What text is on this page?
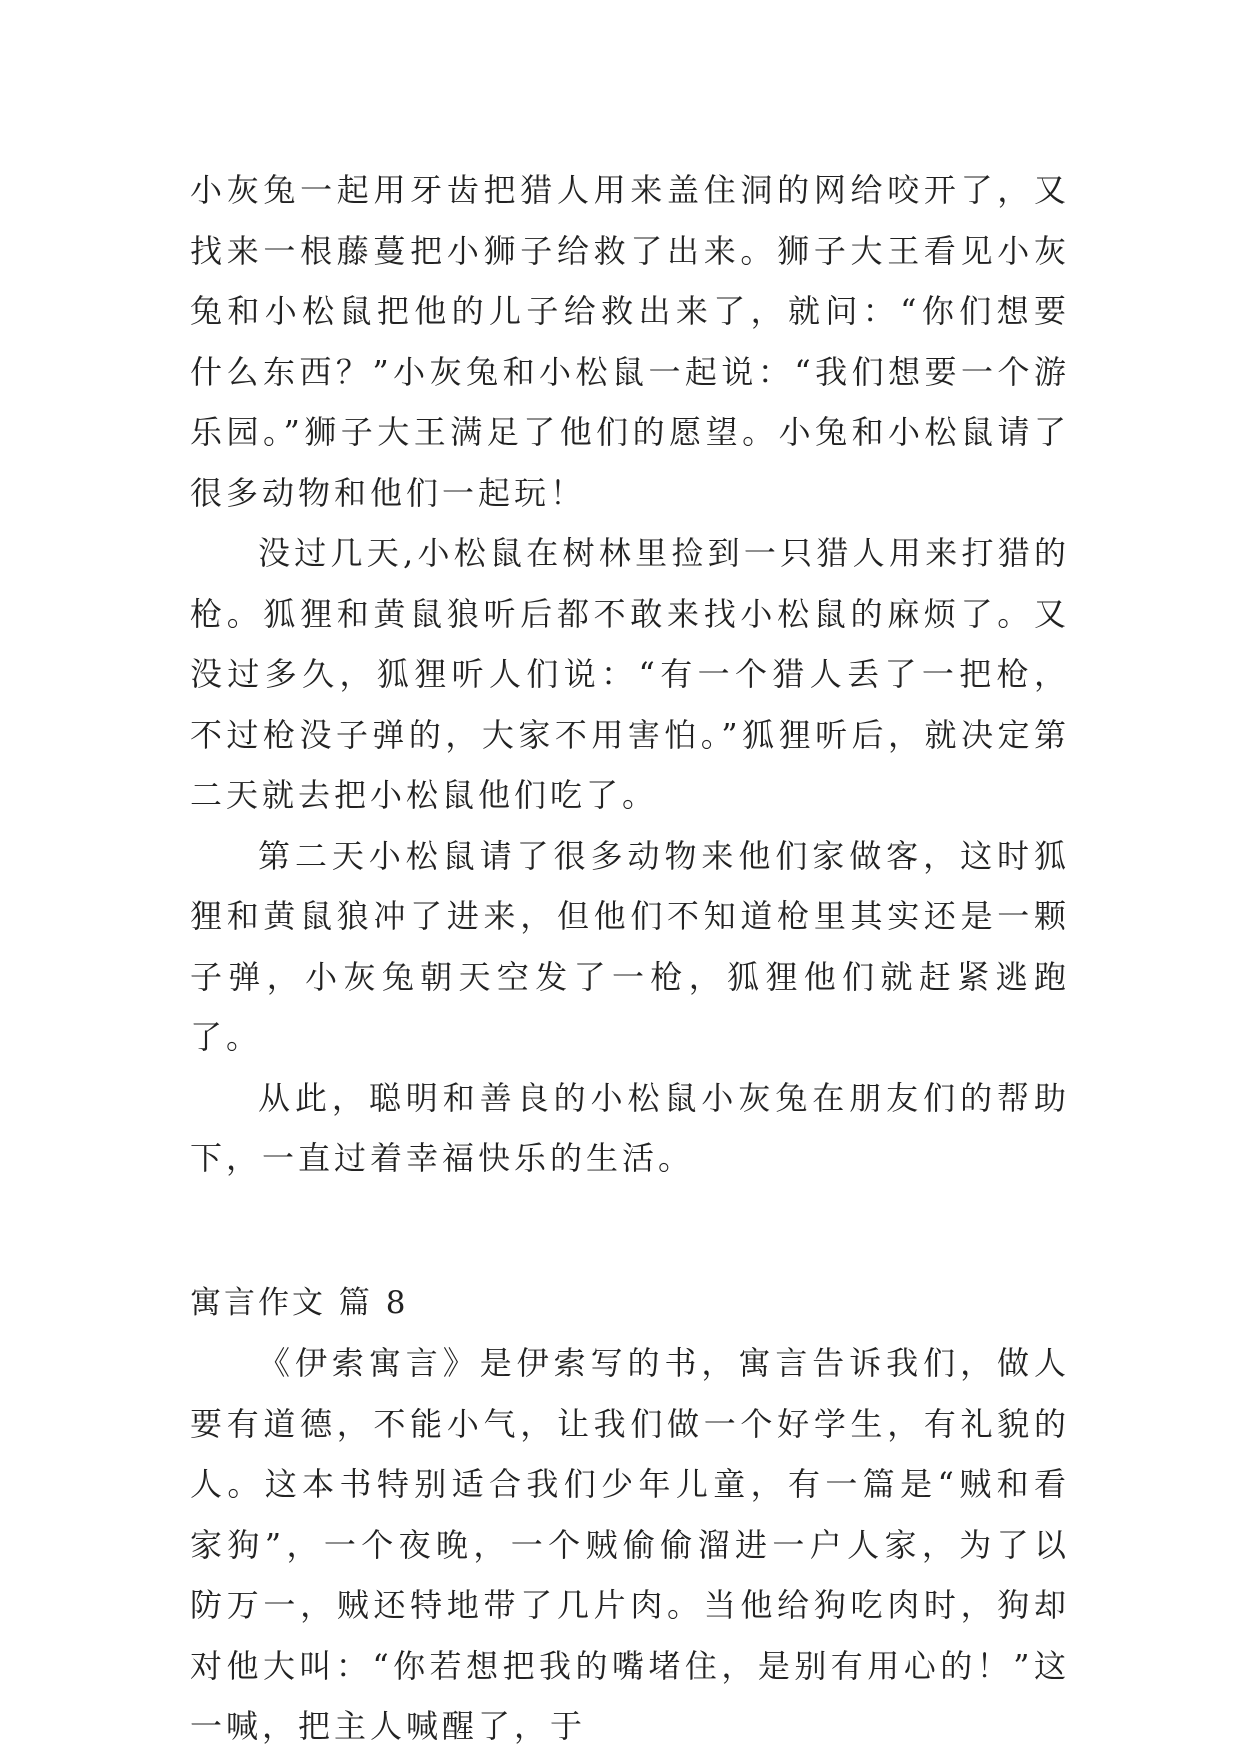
小灰兔一起用牙齿把猎人用来盖住洞的网给咬开了，又找来一根藤蔓把小狮子给救了出来。狮子大王看见小灰兔和小松鼠把他的儿子给救出来了，就问：“你们想要什么东西？”小灰兔和小松鼠一起说：“我们想要一个游乐园。”狮子大王满足了他们的愿望。小兔和小松鼠请了很多动物和他们一起玩！

没过几天,小松鼠在树林里捡到一只猎人用来打猎的枪。狐狸和黄鼠狼听后都不敢来找小松鼠的麻烦了。又没过多久，狐狸听人们说：“有一个猎人丢了一把枪，不过枪没子弹的，大家不用害怕。”狐狸听后，就决定第二天就去把小松鼠他们吃了。

第二天小松鼠请了很多动物来他们家做客，这时狐狸和黄鼠狼冲了进来，但他们不知道枪里其实还是一颗子弹，小灰兔朝天空发了一枪，狐狸他们就赶紧逃跑了。

从此，聪明和善良的小松鼠小灰兔在朋友们的帮助下，一直过着幸福快乐的生活。

寓言作文 篇 8

《伊索寓言》是伊索写的书，寓言告诉我们，做人要有道德，不能小气，让我们做一个好学生，有礼貌的人。这本书特别适合我们少年儿童，有一篇是“贼和看家狗”，一个夜晚，一个贼偷偷溜进一户人家，为了以防万一，贼还特地带了几片肉。当他给狗吃肉时，狗却对他大叫：“你若想把我的嘴堵住，是别有用心的！”这一喊，把主人喊醒了，于
